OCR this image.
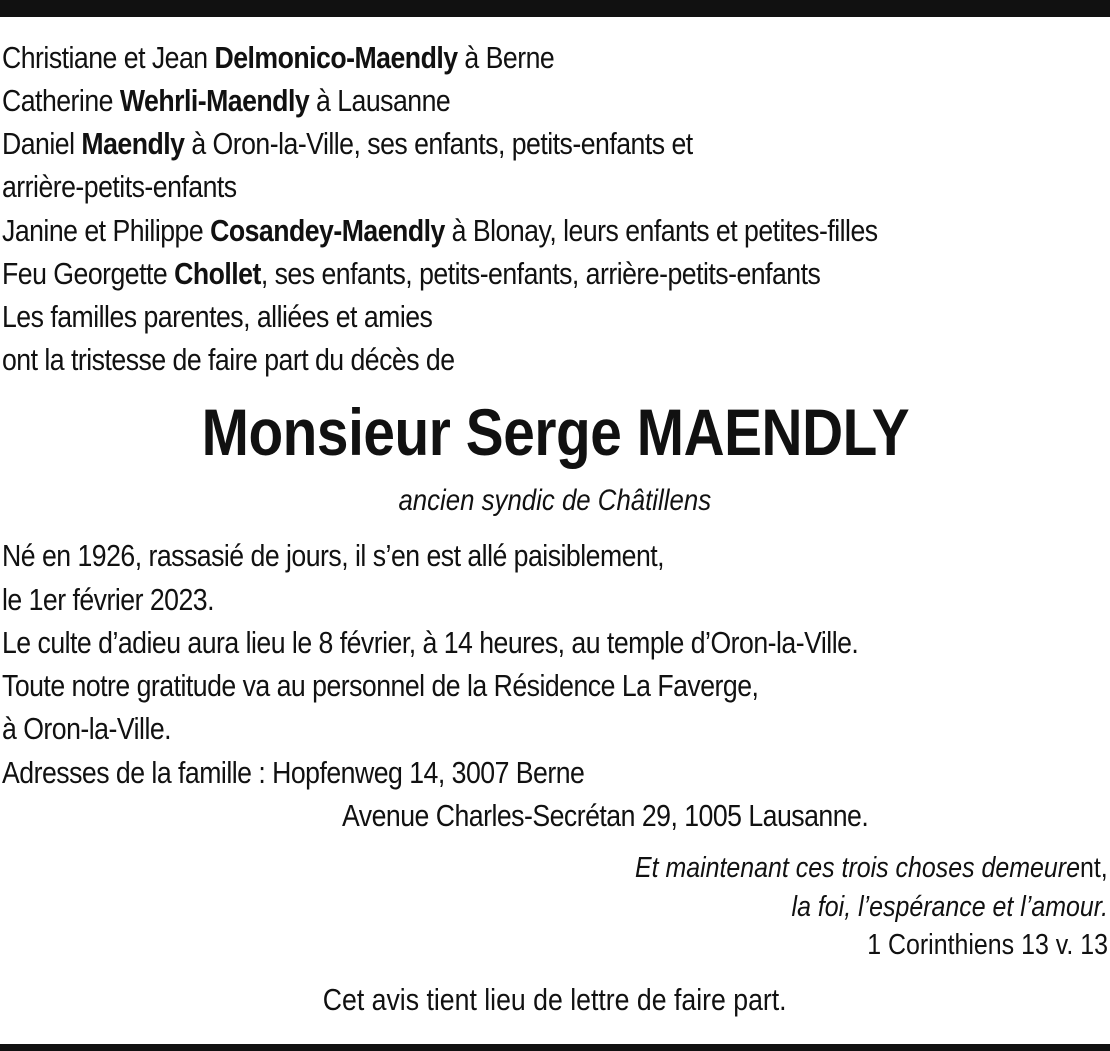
Christiane et Jean Delmonico-Maendly à Berne
Catherine Wehrli-Maendly à Lausanne
Daniel Maendly à Oron-la-Ville, ses enfants, petits-enfants et
arrière-petits-enfants
Janine et Philippe Cosandey-Maendly à Blonay, leurs enfants et petites-filles
Feu Georgette Chollet, ses enfants, petits-enfants, arrière-petits-enfants
Les familles parentes, alliées et amies
ont la tristesse de faire part du décès de
Monsieur Serge MAENDLY
ancien syndic de Châtillens
Né en 1926, rassasié de jours, il s’en est allé paisiblement,
le 1er février 2023.
Le culte d’adieu aura lieu le 8 février, à 14 heures, au temple d’Oron-la-Ville.
Toute notre gratitude va au personnel de la Résidence La Faverge,
à Oron-la-Ville.
Adresses de la famille : Hopfenweg 14, 3007 Berne
Avenue Charles-Secrétan 29, 1005 Lausanne.
Et maintenant ces trois choses demeurent,
la foi, l’espérance et l’amour.
1 Corinthiens 13 v. 13
Cet avis tient lieu de lettre de faire part.
